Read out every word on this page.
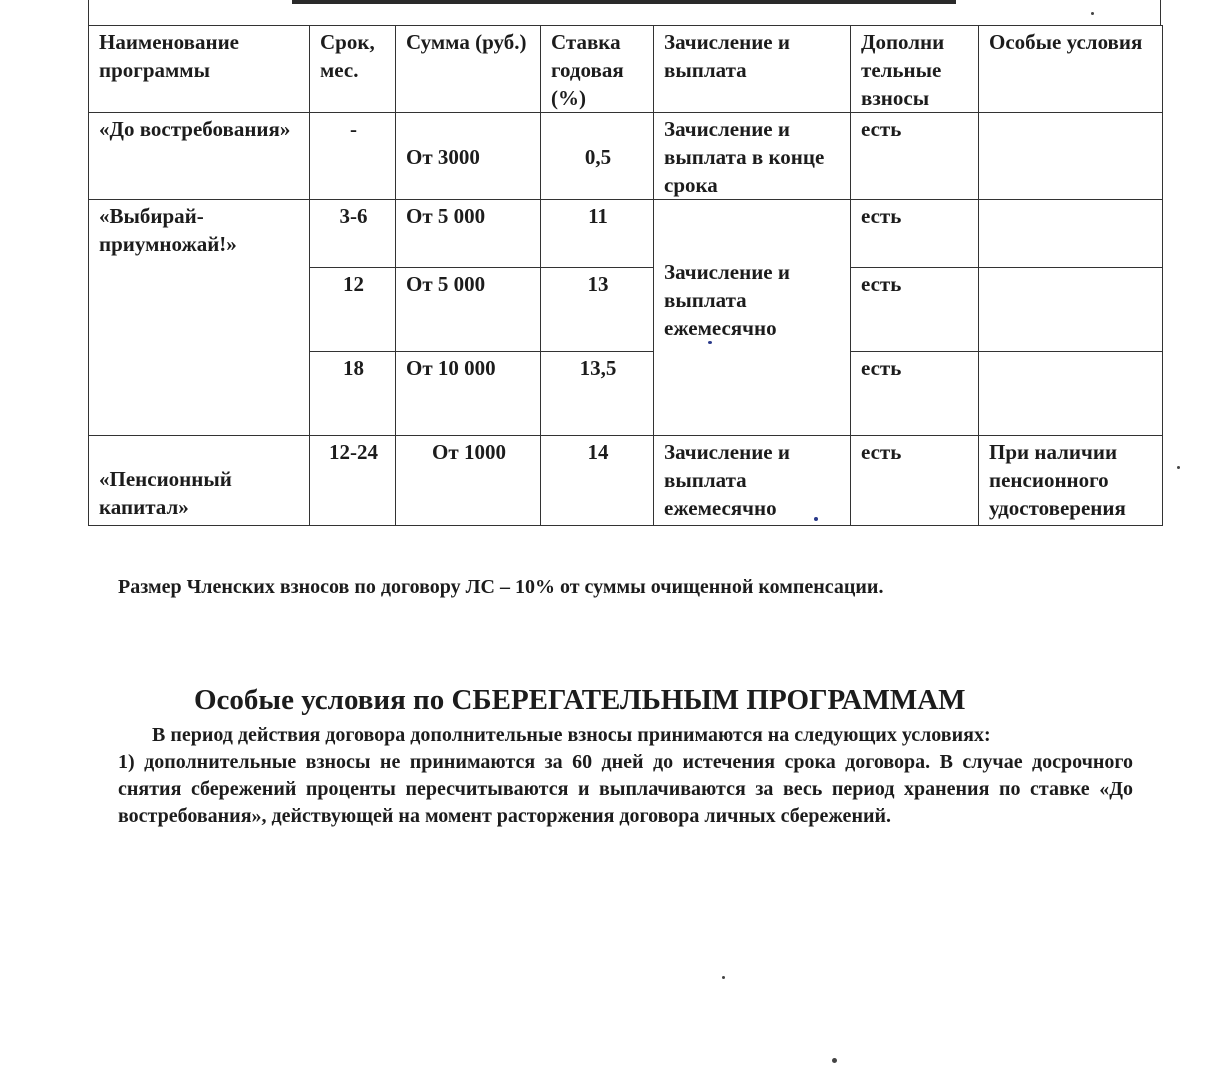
Наименование программы	Срок, мес.	Сумма (руб.)	Ставка годовая (%)	Зачисление и выплата	Дополни тельные взносы	Особые условия
«До востребования»	-	От 3000	0,5	Зачисление и выплата в конце срока	есть	
«Выбирай-приумножай!»	3-6	От 5 000	11	Зачисление и выплата ежемесячно	есть	
	12	От 5 000	13		есть	
	18	От 10 000	13,5		есть	
«Пенсионный капитал»	12-24	От 1000	14	Зачисление и выплата ежемесячно	есть	При наличии пенсионного удостоверения
Размер Членских взносов по договору ЛС – 10% от суммы очищенной компенсации.
Особые условия по СБЕРЕГАТЕЛЬНЫМ ПРОГРАММАМ

В период действия договора дополнительные взносы принимаются на следующих условиях:

1) дополнительные взносы не принимаются за 60 дней до истечения срока договора. В случае досрочного снятия сбережений проценты пересчитываются и выплачиваются за весь период хранения по ставке «До востребования», действующей на момент расторжения договора личных сбережений.
